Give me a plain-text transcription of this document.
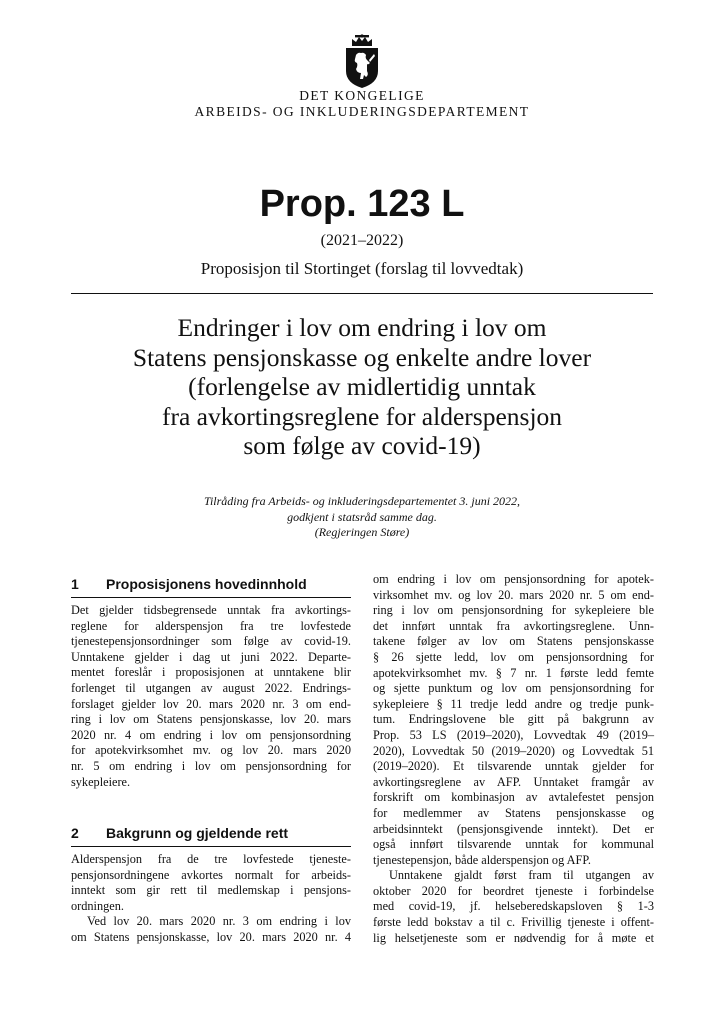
DET KONGELIGE
ARBEIDS- OG INKLUDERINGSDEPARTEMENT
Prop. 123 L
(2021–2022)
Proposisjon til Stortinget (forslag til lovvedtak)
Endringer i lov om endring i lov om
Statens pensjonskasse og enkelte andre lover
(forlengelse av midlertidig unntak
fra avkortingsreglene for alderspensjon
som følge av covid-19)
Tilråding fra Arbeids- og inkluderingsdepartementet 3. juni 2022,
godkjent i statsråd samme dag.
(Regjeringen Støre)
1 Proposisjonens hovedinnhold
Det gjelder tidsbegrensede unntak fra avkortings-
reglene for alderspensjon fra tre lovfestede
tjenestepensjonsordninger som følge av covid-19.
Unntakene gjelder i dag ut juni 2022. Departe-
mentet foreslår i proposisjonen at unntakene blir
forlenget til utgangen av august 2022. Endrings-
forslaget gjelder lov 20. mars 2020 nr. 3 om end-
ring i lov om Statens pensjonskasse, lov 20. mars
2020 nr. 4 om endring i lov om pensjonsordning
for apotekvirksomhet mv. og lov 20. mars 2020
nr. 5 om endring i lov om pensjonsordning for
sykepleiere.
2 Bakgrunn og gjeldende rett
Alderspensjon fra de tre lovfestede tjeneste-
pensjonsordningene avkortes normalt for arbeids-
inntekt som gir rett til medlemskap i pensjons-
ordningen.
Ved lov 20. mars 2020 nr. 3 om endring i lov
om Statens pensjonskasse, lov 20. mars 2020 nr. 4
om endring i lov om pensjonsordning for apotek-
virksomhet mv. og lov 20. mars 2020 nr. 5 om end-
ring i lov om pensjonsordning for sykepleiere ble
det innført unntak fra avkortingsreglene. Unn-
takene følger av lov om Statens pensjonskasse
§ 26 sjette ledd, lov om pensjonsordning for
apotekvirksomhet mv. § 7 nr. 1 første ledd femte
og sjette punktum og lov om pensjonsordning for
sykepleiere § 11 tredje ledd andre og tredje punk-
tum. Endringslovene ble gitt på bakgrunn av
Prop. 53 LS (2019–2020), Lovvedtak 49 (2019–
2020), Lovvedtak 50 (2019–2020) og Lovvedtak 51
(2019–2020). Et tilsvarende unntak gjelder for
avkortingsreglene av AFP. Unntaket framgår av
forskrift om kombinasjon av avtalefestet pensjon
for medlemmer av Statens pensjonskasse og
arbeidsinntekt (pensjonsgivende inntekt). Det er
også innført tilsvarende unntak for kommunal
tjenestepensjon, både alderspensjon og AFP.
Unntakene gjaldt først fram til utgangen av
oktober 2020 for beordret tjeneste i forbindelse
med covid-19, jf. helseberedskapsloven § 1-3
første ledd bokstav a til c. Frivillig tjeneste i offent-
lig helsetjeneste som er nødvendig for å møte et
